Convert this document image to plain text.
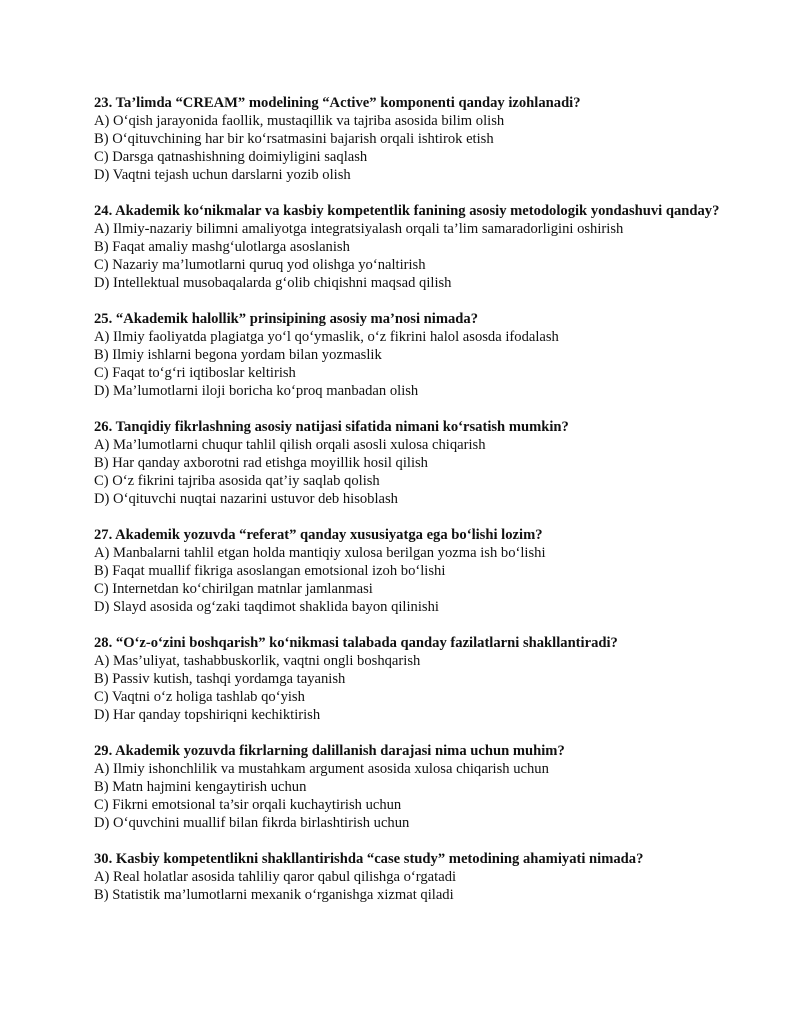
23. Ta’limda “CREAM” modelining “Active” komponenti qanday izohlanadi?

A) O‘qish jarayonida faollik, mustaqillik va tajriba asosida bilim olish

B) O‘qituvchining har bir ko‘rsatmasini bajarish orqali ishtirok etish

C) Darsga qatnashishning doimiyligini saqlash

D) Vaqtni tejash uchun darslarni yozib olish

24. Akademik ko‘nikmalar va kasbiy kompetentlik fanining asosiy metodologik yondashuvi qanday?

A) Ilmiy-nazariy bilimni amaliyotga integratsiyalash orqali ta’lim samaradorligini oshirish

B) Faqat amaliy mashg‘ulotlarga asoslanish

C) Nazariy ma’lumotlarni quruq yod olishga yo‘naltirish

D) Intellektual musobaqalarda g‘olib chiqishni maqsad qilish

25. “Akademik halollik” prinsipining asosiy ma’nosi nimada?

A) Ilmiy faoliyatda plagiatga yo‘l qo‘ymaslik, o‘z fikrini halol asosda ifodalash

B) Ilmiy ishlarni begona yordam bilan yozmaslik

C) Faqat to‘g‘ri iqtiboslar keltirish

D) Ma’lumotlarni iloji boricha ko‘proq manbadan olish

26. Tanqidiy fikrlashning asosiy natijasi sifatida nimani ko‘rsatish mumkin?

A) Ma’lumotlarni chuqur tahlil qilish orqali asosli xulosa chiqarish

B) Har qanday axborotni rad etishga moyillik hosil qilish

C) O‘z fikrini tajriba asosida qat’iy saqlab qolish

D) O‘qituvchi nuqtai nazarini ustuvor deb hisoblash

27. Akademik yozuvda “referat” qanday xususiyatga ega bo‘lishi lozim?

A) Manbalarni tahlil etgan holda mantiqiy xulosa berilgan yozma ish bo‘lishi

B) Faqat muallif fikriga asoslangan emotsional izoh bo‘lishi

C) Internetdan ko‘chirilgan matnlar jamlanmasi

D) Slayd asosida og‘zaki taqdimot shaklida bayon qilinishi

28. “O‘z-o‘zini boshqarish” ko‘nikmasi talabada qanday fazilatlarni shakllantiradi?

A) Mas’uliyat, tashabbuskorlik, vaqtni ongli boshqarish

B) Passiv kutish, tashqi yordamga tayanish

C) Vaqtni o‘z holiga tashlab qo‘yish

D) Har qanday topshiriqni kechiktirish

29. Akademik yozuvda fikrlarning dalillanish darajasi nima uchun muhim?

A) Ilmiy ishonchlilik va mustahkam argument asosida xulosa chiqarish uchun

B) Matn hajmini kengaytirish uchun

C) Fikrni emotsional ta’sir orqali kuchaytirish uchun

D) O‘quvchini muallif bilan fikrda birlashtirish uchun

30. Kasbiy kompetentlikni shakllantirishda “case study” metodining ahamiyati nimada?

A) Real holatlar asosida tahliliy qaror qabul qilishga o‘rgatadi

B) Statistik ma’lumotlarni mexanik o‘rganishga xizmat qiladi
